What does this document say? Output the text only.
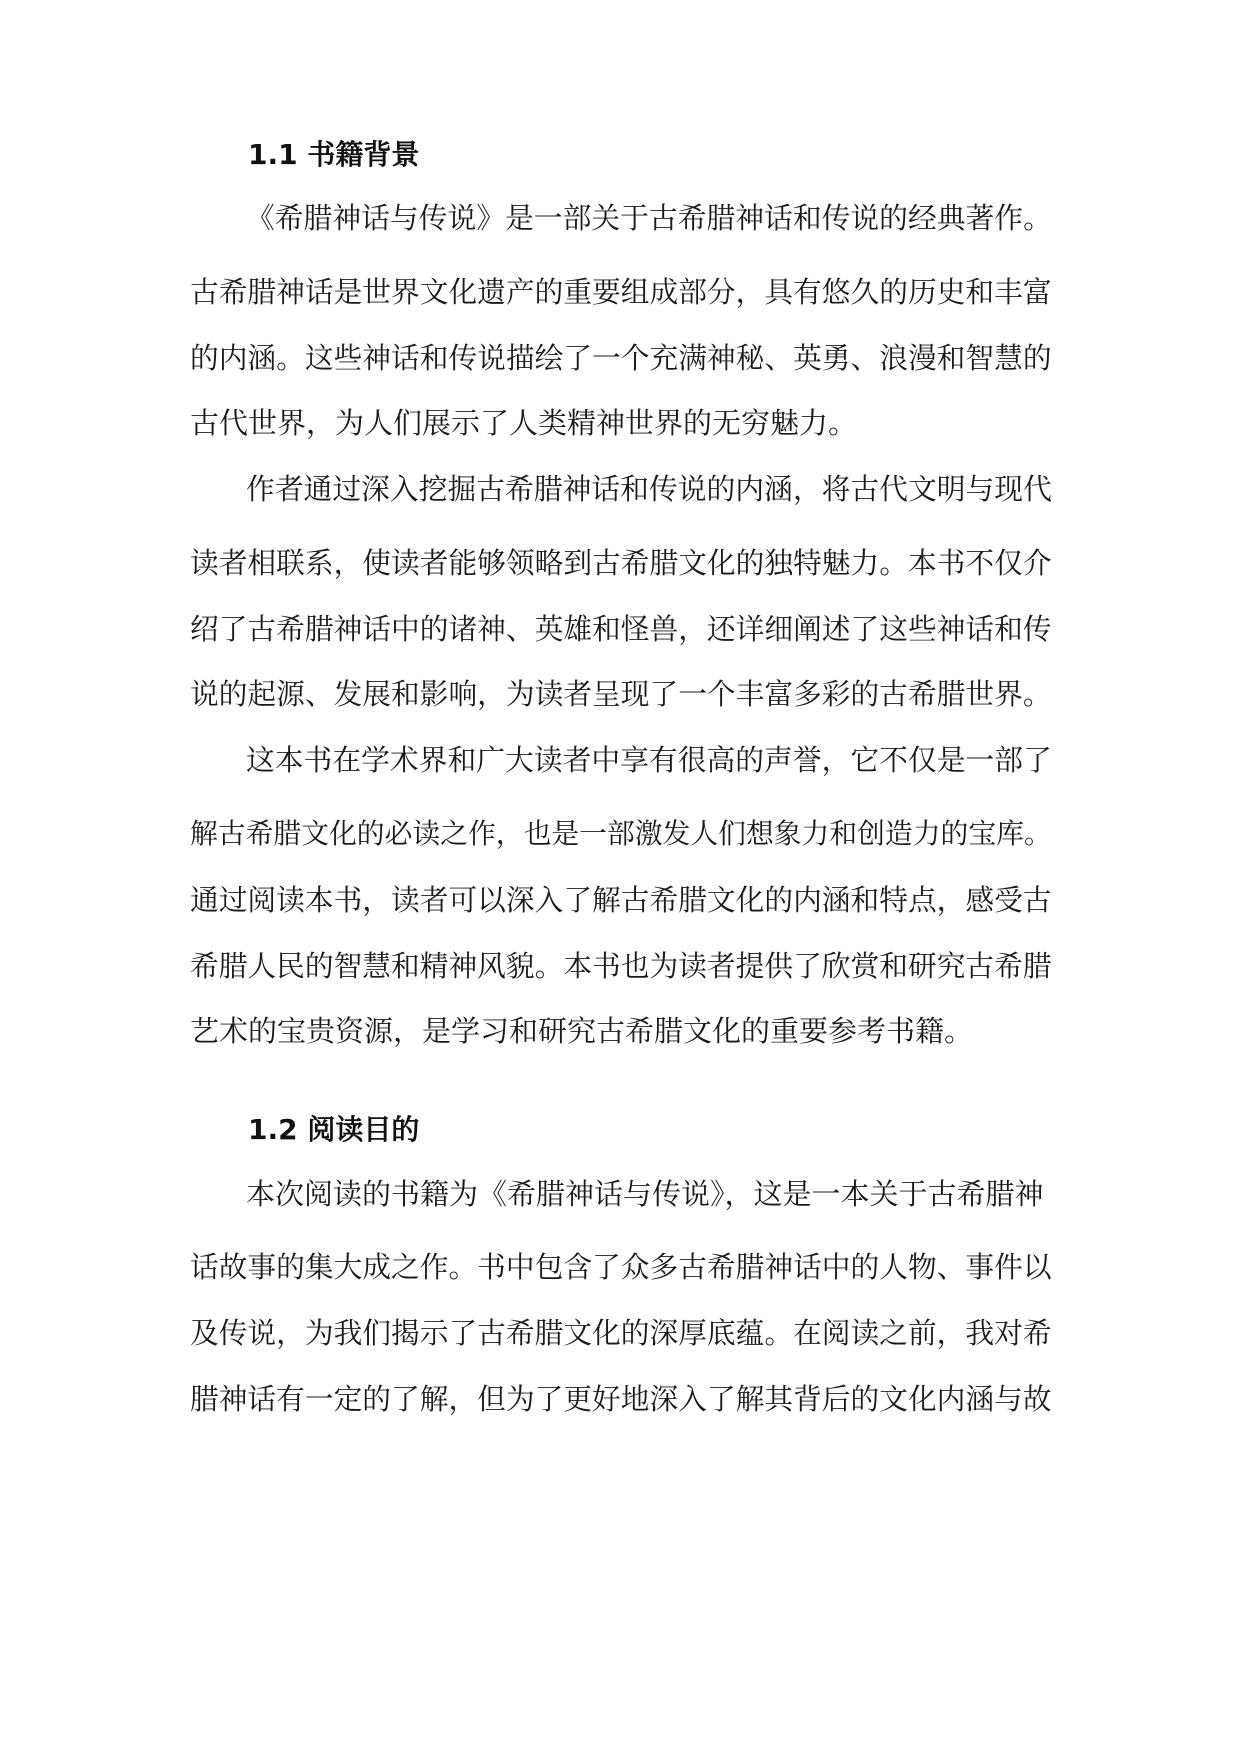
1.1 书籍背景
《希腊神话与传说》是一部关于古希腊神话和传说的经典著作。
古希腊神话是世界文化遗产的重要组成部分，具有悠久的历史和丰富
的内涵。这些神话和传说描绘了一个充满神秘、英勇、浪漫和智慧的
古代世界，为人们展示了人类精神世界的无穷魅力。
作者通过深入挖掘古希腊神话和传说的内涵，将古代文明与现代
读者相联系，使读者能够领略到古希腊文化的独特魅力。本书不仅介
绍了古希腊神话中的诸神、英雄和怪兽，还详细阐述了这些神话和传
说的起源、发展和影响，为读者呈现了一个丰富多彩的古希腊世界。
这本书在学术界和广大读者中享有很高的声誉，它不仅是一部了
解古希腊文化的必读之作，也是一部激发人们想象力和创造力的宝库。
通过阅读本书，读者可以深入了解古希腊文化的内涵和特点，感受古
希腊人民的智慧和精神风貌。本书也为读者提供了欣赏和研究古希腊
艺术的宝贵资源，是学习和研究古希腊文化的重要参考书籍。
1.2 阅读目的
本次阅读的书籍为《希腊神话与传说》，这是一本关于古希腊神
话故事的集大成之作。书中包含了众多古希腊神话中的人物、事件以
及传说，为我们揭示了古希腊文化的深厚底蕴。在阅读之前，我对希
腊神话有一定的了解，但为了更好地深入了解其背后的文化内涵与故
